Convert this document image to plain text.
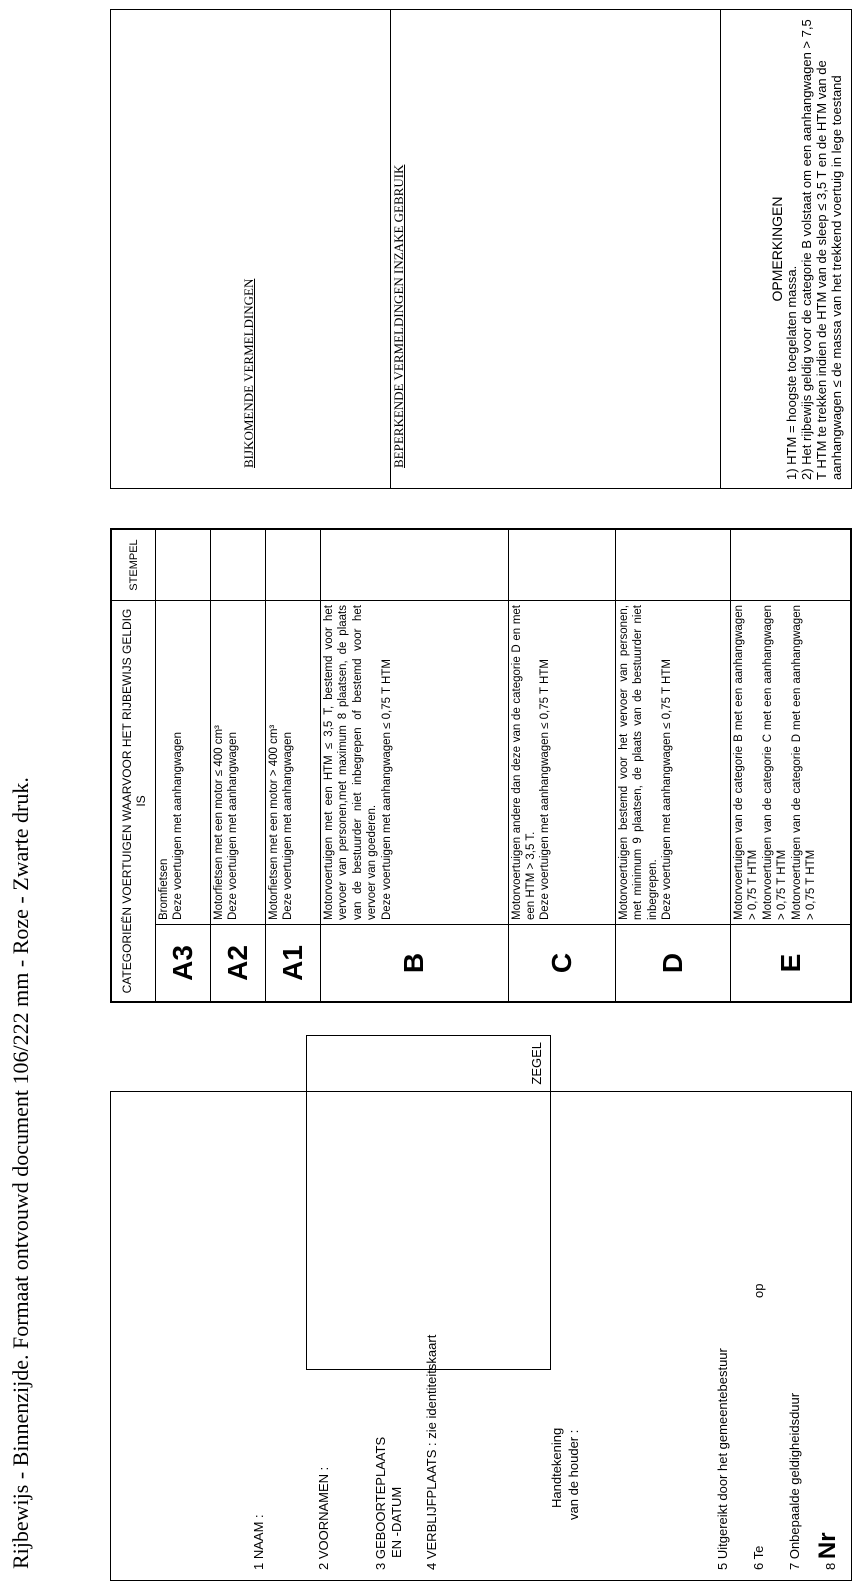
Rijbewijs - Binnenzijde. Formaat ontvouwd document 106/222 mm - Roze - Zwarte druk.	1 NAAM :	2 VOORNAMEN :	3 GEBOORTEPLAATS EN -DATUM 4 VERBLIJFPLAATS : zie identiteitskaart	Handtekening van de houder :
ZEGEL
5 Uitgereikt door het gemeentebestuur 6 Te
op
7 Onbepaalde geldigheidsduur	8 Nr
CATEGORIEËN VOERTUIGEN WAARVOOR HET RIJBEWIJS GELDIG IS		STEMPEL
A3	Bromfietsen Deze voertuigen met aanhangwagen	

A2	Motorfietsen met een motor ≤ 400 cm³ Deze voertuigen met aanhangwagen	

A1	Motorfietsen met een motor > 400 cm³ Deze voertuigen met aanhangwagen	

B	Motorvoertuigen met een HTM ≤ 3,5 T, bestemd voor het vervoer van personen,met maximum 8 plaatsen, de plaats van de bestuurder niet inbegrepen of bestemd voor het vervoer van goederen. Deze voertuigen met aanhangwagen ≤ 0,75 T HTM	

C	Motorvoertuigen andere dan deze van de categorie D en met een HTM > 3,5 T. Deze voertuigen met aanhangwagen ≤ 0,75 T HTM	

D	Motorvoertuigen bestemd voor het vervoer van personen, met minimum 9 plaatsen, de plaats van de bestuurder niet inbegrepen. Deze voertuigen met aanhangwagen ≤ 0,75 T HTM	

E	Motorvoertuigen van de categorie B met een aanhangwagen > 0,75 T HTM Motorvoertuigen van de categorie C met een aanhangwagen > 0,75 T HTM Motorvoertuigen van de categorie D met een aanhangwagen > 0,75 T HTM	

BIJKOMENDE VERMELDINGEN	BEPERKENDE VERMELDINGEN INZAKE GEBRUIK	OPMERKINGEN
1) HTM = hoogste toegelaten massa. 2) Het rijbewijs geldig voor de categorie B volstaat om een aanhangwagen > 7,5 T HTM te trekken indien de HTM van de sleep ≤ 3,5 T en de HTM van de aanhangwagen ≤ de massa van het trekkend voertuig in lege toestand
